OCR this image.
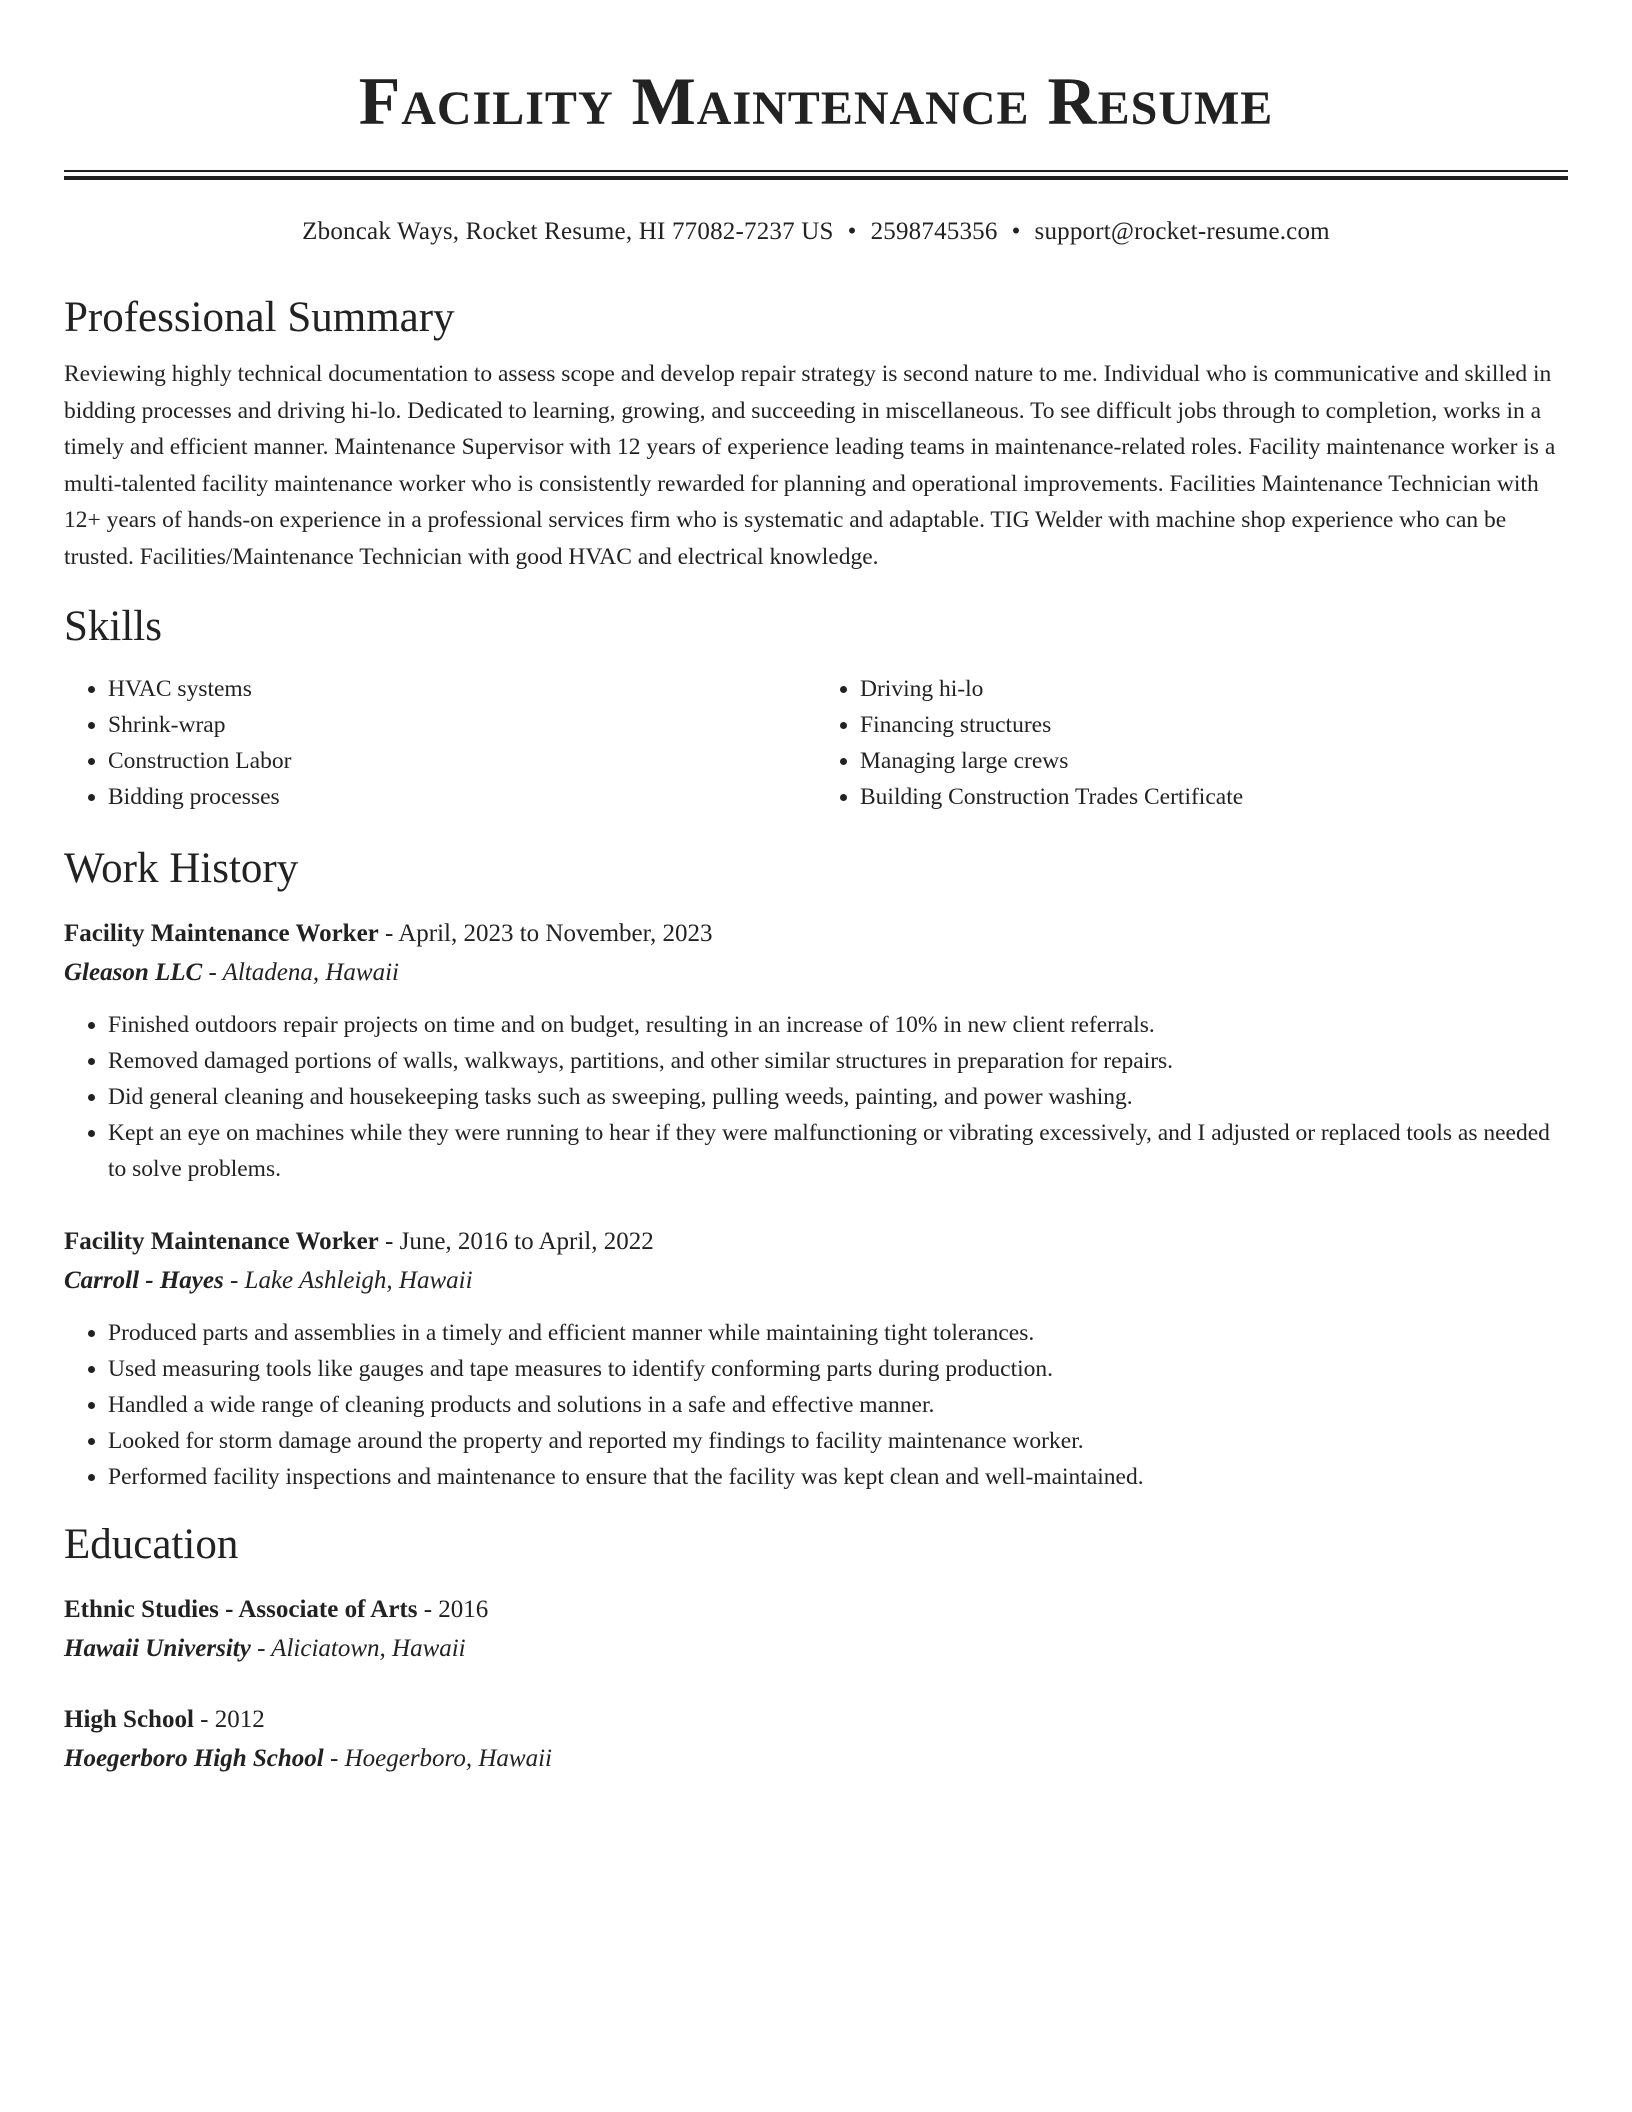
Facility Maintenance Resume
Zboncak Ways, Rocket Resume, HI 77082-7237 US • 2598745356 • support@rocket-resume.com
Professional Summary
Reviewing highly technical documentation to assess scope and develop repair strategy is second nature to me. Individual who is communicative and skilled in bidding processes and driving hi-lo. Dedicated to learning, growing, and succeeding in miscellaneous. To see difficult jobs through to completion, works in a timely and efficient manner. Maintenance Supervisor with 12 years of experience leading teams in maintenance-related roles. Facility maintenance worker is a multi-talented facility maintenance worker who is consistently rewarded for planning and operational improvements. Facilities Maintenance Technician with 12+ years of hands-on experience in a professional services firm who is systematic and adaptable. TIG Welder with machine shop experience who can be trusted. Facilities/Maintenance Technician with good HVAC and electrical knowledge.
Skills
• HVAC systems
• Shrink-wrap
• Construction Labor
• Bidding processes
• Driving hi-lo
• Financing structures
• Managing large crews
• Building Construction Trades Certificate
Work History
Facility Maintenance Worker - April, 2023 to November, 2023
Gleason LLC - Altadena, Hawaii
• Finished outdoors repair projects on time and on budget, resulting in an increase of 10% in new client referrals.
• Removed damaged portions of walls, walkways, partitions, and other similar structures in preparation for repairs.
• Did general cleaning and housekeeping tasks such as sweeping, pulling weeds, painting, and power washing.
• Kept an eye on machines while they were running to hear if they were malfunctioning or vibrating excessively, and I adjusted or replaced tools as needed to solve problems.
Facility Maintenance Worker - June, 2016 to April, 2022
Carroll - Hayes - Lake Ashleigh, Hawaii
• Produced parts and assemblies in a timely and efficient manner while maintaining tight tolerances.
• Used measuring tools like gauges and tape measures to identify conforming parts during production.
• Handled a wide range of cleaning products and solutions in a safe and effective manner.
• Looked for storm damage around the property and reported my findings to facility maintenance worker.
• Performed facility inspections and maintenance to ensure that the facility was kept clean and well-maintained.
Education
Ethnic Studies - Associate of Arts - 2016
Hawaii University - Aliciatown, Hawaii
High School - 2012
Hoegerboro High School - Hoegerboro, Hawaii
